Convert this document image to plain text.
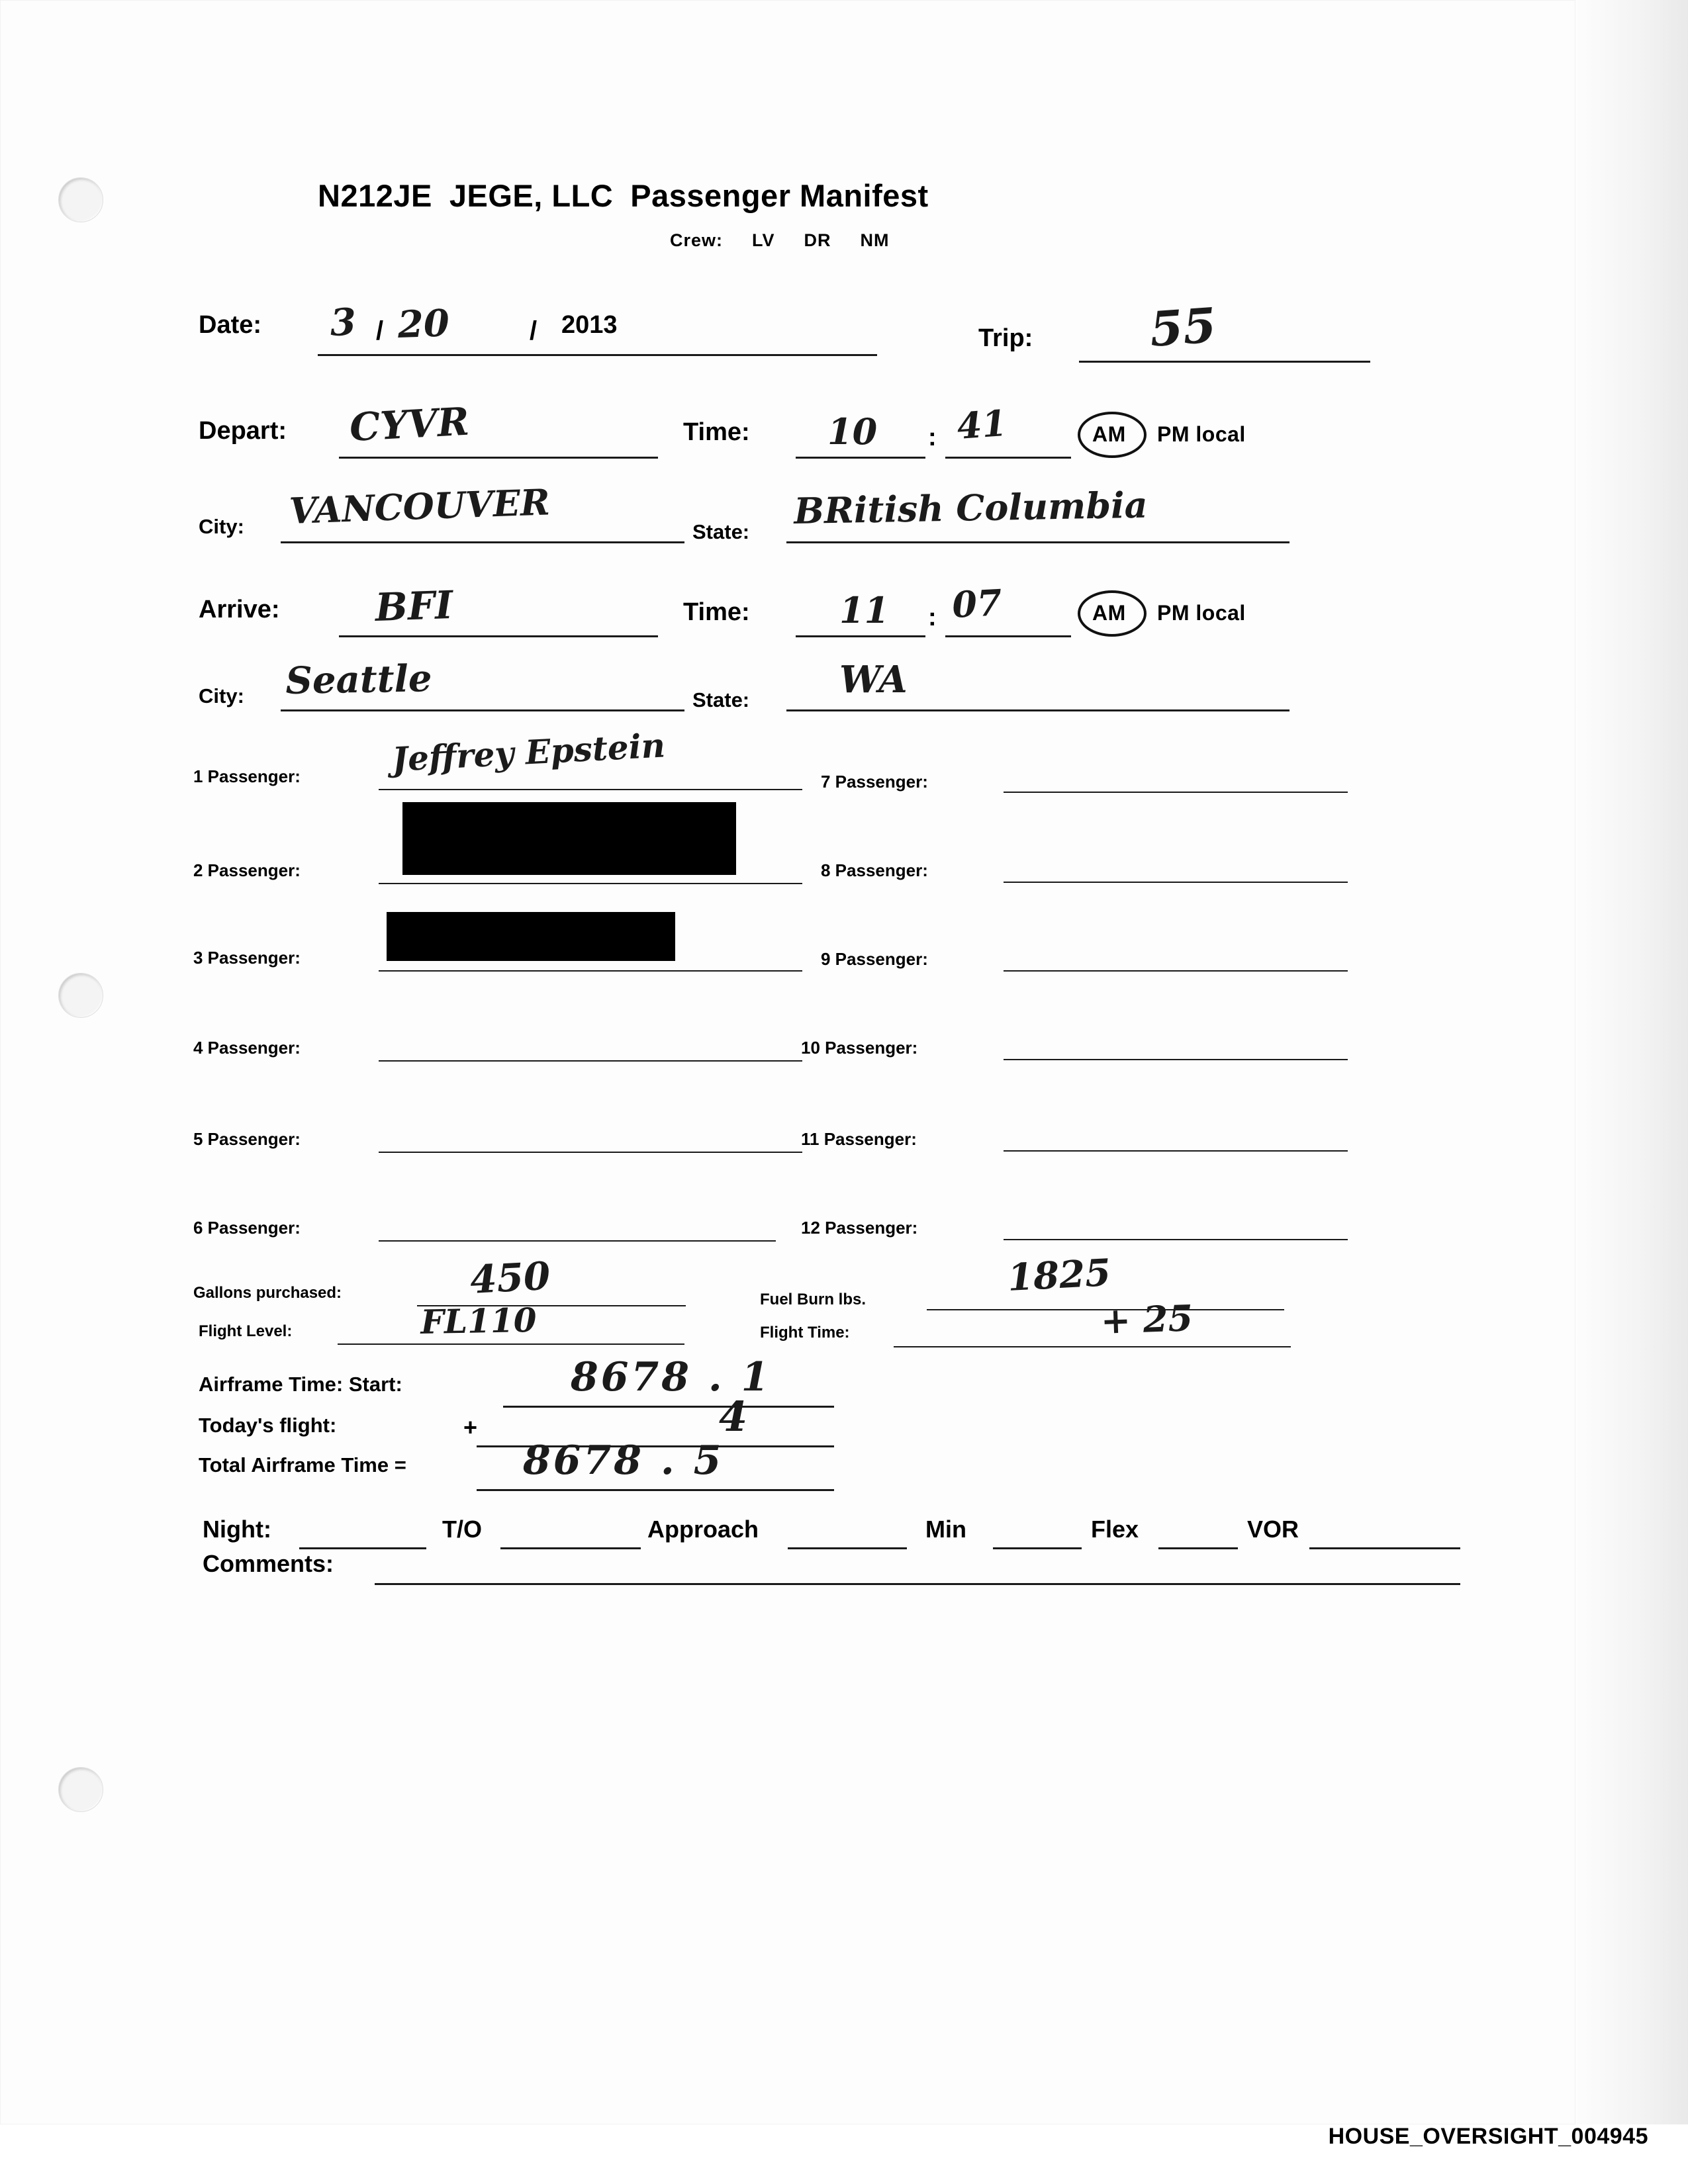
N212JE JEGE, LLC Passenger Manifest
Crew: LV DR NM
Date: 3 / 20	/ 2013	Trip: 55
Depart: CYVR	Time: 10 : 41	AM PM local
City: VANCOUVER	State: BRitish Columbia
Arrive: BFI	Time:	11 : 07	AM PM local
City: Seattle	State: WA
1 Passenger:	Jeffrey Epstein
2 Passenger:
3 Passenger:
4 Passenger:
5 Passenger:
6 Passenger:
7 Passenger:
8 Passenger:
9 Passenger:
10 Passenger:
11 Passenger:
12 Passenger:
Gallons purchased:	450	Fuel Burn lbs.	1825
Flight Level:	FL110	Flight Time:	+ 25
Airframe Time: Start:	8678 . 1
Today's flight:	+	4
Total Airframe Time =	8678 . 5
Night:	T/O	Approach	Min	Flex	VOR
Comments:
HOUSE_OVERSIGHT_004945
